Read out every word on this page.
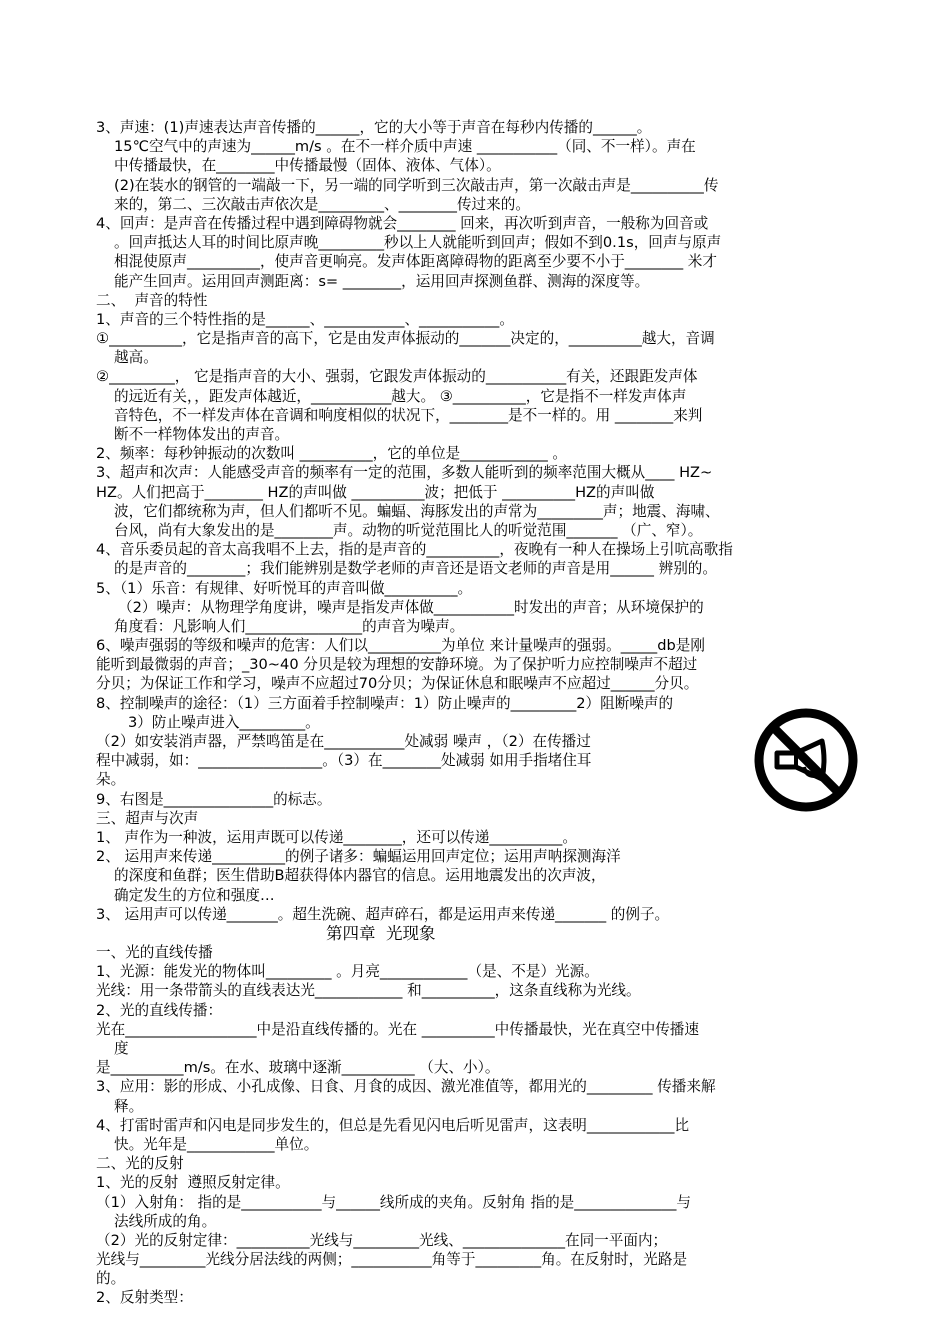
3、声速：(1)声速表达声音传播的______，它的大小等于声音在每秒内传播的______。
15℃空气中的声速为______m/s 。在不一样介质中声速 ___________（同、不一样）。声在
中传播最快，在________中传播最慢（固体、液体、气体）。
(2)在装水的钢管的一端敲一下，另一端的同学听到三次敲击声，第一次敲击声是__________传
来的，第二、三次敲击声依次是_________、________传过来的。
4、回声：是声音在传播过程中遇到障碍物就会________ 回来，再次听到声音，一般称为回音或
。回声抵达人耳的时间比原声晚_________秒以上人就能听到回声；假如不到0.1s，回声与原声
相混使原声__________，使声音更响亮。发声体距离障碍物的距离至少要不小于________ 米才
能产生回声。运用回声测距离：s= ________，运用回声探测鱼群、测海的深度等。
二、  声音的特性
1、声音的三个特性指的是______、___________、___________。
①__________，它是指声音的高下，它是由发声体振动的_______决定的，__________越大，音调
越高。
②_________， 它是指声音的大小、强弱，它跟发声体振动的___________有关，还跟距发声体
的远近有关，，距发声体越近，___________越大。 ③__________，它是指不一样发声体声
音特色，不一样发声体在音调和响度相似的状况下，________是不一样的。用 ________来判
断不一样物体发出的声音。
2、频率：每秒钟振动的次数叫 __________，它的单位是____________ 。
3、超声和次声：人能感受声音的频率有一定的范围，多数人能听到的频率范围大概从____ HZ~
HZ。人们把高于________ HZ的声叫做 __________波；把低于 __________HZ的声叫做
波，它们都统称为声，但人们都听不见。蝙蝠、海豚发出的声常为_________声；地震、海啸、
台风，尚有大象发出的是________声。动物的听觉范围比人的听觉范围_______ （广、窄）。
4、音乐委员起的音太高我唱不上去，指的是声音的__________，夜晚有一种人在操场上引吭高歌指
的是声音的________；我们能辨别是数学老师的声音还是语文老师的声音是用______ 辨别的。
5、（1）乐音：有规律、好听悦耳的声音叫做__________。
（2）噪声：从物理学角度讲，噪声是指发声体做___________时发出的声音；从环境保护的
角度看：凡影响人们________________的声音为噪声。
6、噪声强弱的等级和噪声的危害：人们以__________为单位 来计量噪声的强弱。_____db是刚
能听到最微弱的声音；_30~40 分贝是较为理想的安静环境。为了保护听力应控制噪声不超过
分贝；为保证工作和学习，噪声不应超过70分贝；为保证休息和眠噪声不应超过______分贝。
8、控制噪声的途径：（1）三方面着手控制噪声：1）防止噪声的_________2）阻断噪声的
3）防止噪声进入_________。
（2）如安装消声器，严禁鸣笛是在___________处减弱 噪声 ，（2）在传播过
程中减弱，如：_________________。（3）在________处减弱 如用手指堵住耳
朵。
9、右图是_______________的标志。
三、超声与次声
1、 声作为一种波，运用声既可以传递________，还可以传递__________。
2、 运用声来传递__________的例子诸多：蝙蝠运用回声定位；运用声呐探测海洋
的深度和鱼群；医生借助B超获得体内器官的信息。运用地震发出的次声波，
确定发生的方位和强度…
3、 运用声可以传递_______。超生洗碗、超声碎石，都是运用声来传递_______ 的例子。
第四章  光现象
一、光的直线传播
1、光源：能发光的物体叫_________ 。月亮____________（是、不是）光源。
光线：用一条带箭头的直线表达光____________ 和__________，这条直线称为光线。
2、光的直线传播：
光在__________________中是沿直线传播的。光在 __________中传播最快，光在真空中传播速
度
是__________m/s。在水、玻璃中逐渐__________ （大、小）。
3、应用：影的形成、小孔成像、日食、月食的成因、激光准值等，都用光的_________ 传播来解
释。
4、打雷时雷声和闪电是同步发生的，但总是先看见闪电后听见雷声，这表明____________比
快。光年是____________单位。
二、光的反射
1、光的反射  遵照反射定律。
（1）入射角： 指的是___________与______线所成的夹角。反射角 指的是______________与
法线所成的角。
（2）光的反射定律：__________光线与_________光线、______________在同一平面内；
光线与_________光线分居法线的两侧；___________角等于_________角。在反射时，光路是
的。
2、反射类型：
